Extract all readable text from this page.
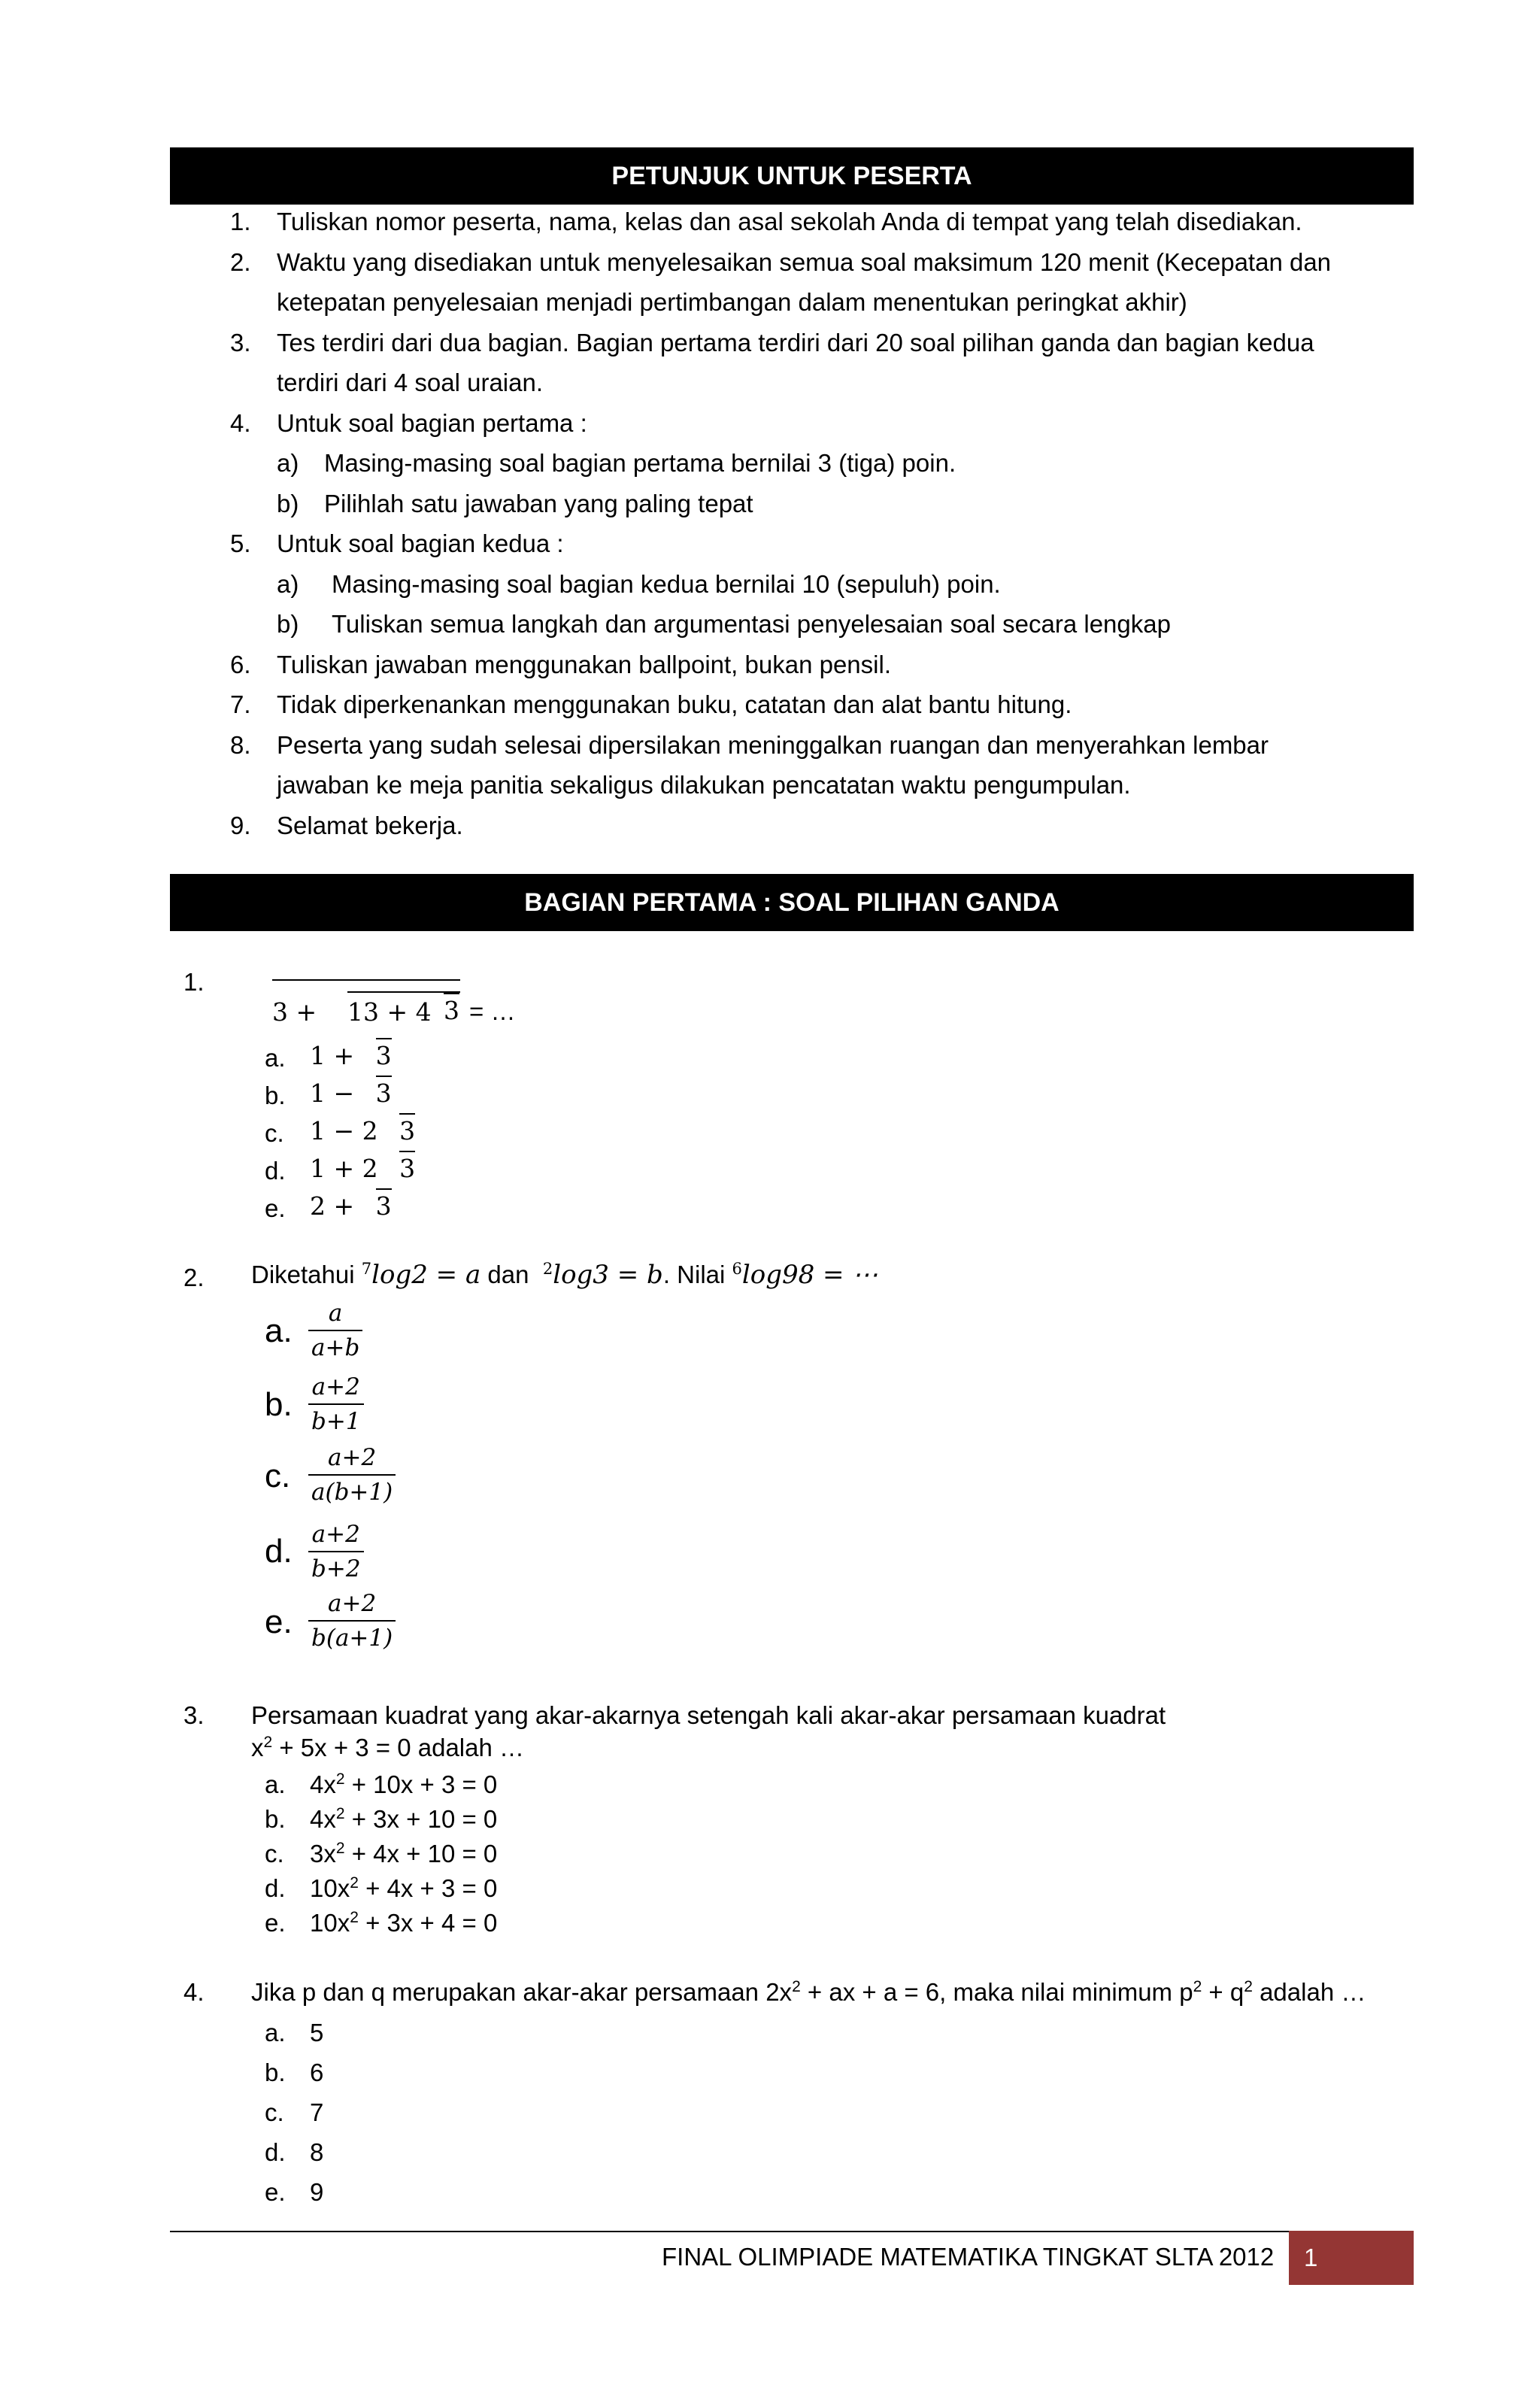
PETUNJUK UNTUK PESERTA
1. Tuliskan nomor peserta, nama, kelas dan asal sekolah Anda di tempat yang telah disediakan.
2. Waktu yang disediakan untuk menyelesaikan semua soal maksimum 120 menit (Kecepatan dan
ketepatan penyelesaian menjadi pertimbangan dalam menentukan peringkat akhir)
3. Tes terdiri dari dua bagian. Bagian pertama terdiri dari 20 soal pilihan ganda dan bagian kedua
terdiri dari 4 soal uraian.
4. Untuk soal bagian pertama :
a) Masing-masing soal bagian pertama bernilai 3 (tiga) poin.
b) Pilihlah satu jawaban yang paling tepat
5. Untuk soal bagian kedua :
a) Masing-masing soal bagian kedua bernilai 10 (sepuluh) poin.
b) Tuliskan semua langkah dan argumentasi penyelesaian soal secara lengkap
6. Tuliskan jawaban menggunakan ballpoint, bukan pensil.
7. Tidak diperkenankan menggunakan buku, catatan dan alat bantu hitung.
8. Peserta yang sudah selesai dipersilakan meninggalkan ruangan dan menyerahkan lembar
jawaban ke meja panitia sekaligus dilakukan pencatatan waktu pengumpulan.
9. Selamat bekerja.
BAGIAN PERTAMA : SOAL PILIHAN GANDA
1.
3 + 13 + 4 3 = …
a. 1 + 3
b. 1 − 3
c. 1 − 2 3
d. 1 + 2 3
e. 2 + 3
2. Diketahui $^7$log2 = a dan  $^2$log3 = b. Nilai $^6$log98 = ⋯
a. $\frac{a}{a+b}$
b. $\frac{a+2}{b+1}$
c. $\frac{a+2}{a(b+1)}$
d. $\frac{a+2}{b+2}$
e. $\frac{a+2}{b(a+1)}$
3. Persamaan kuadrat yang akar-akarnya setengah kali akar-akar persamaan kuadrat
$x^2 + 5x + 3 = 0$ adalah …
a. $4x^2 + 10x + 3 = 0$
b. $4x^2 + 3x + 10 = 0$
c. $3x^2 + 4x + 10 = 0$
d. $10x^2 + 4x + 3 = 0$
e. $10x^2 + 3x + 4 = 0$
4. Jika p dan q merupakan akar-akar persamaan $2x^2$ + ax + a = 6, maka nilai minimum $p^2 + q^2$ adalah …
a. 5
b. 6
c. 7
d. 8
e. 9
FINAL OLIMPIADE MATEMATIKA TINGKAT SLTA 2012 1
